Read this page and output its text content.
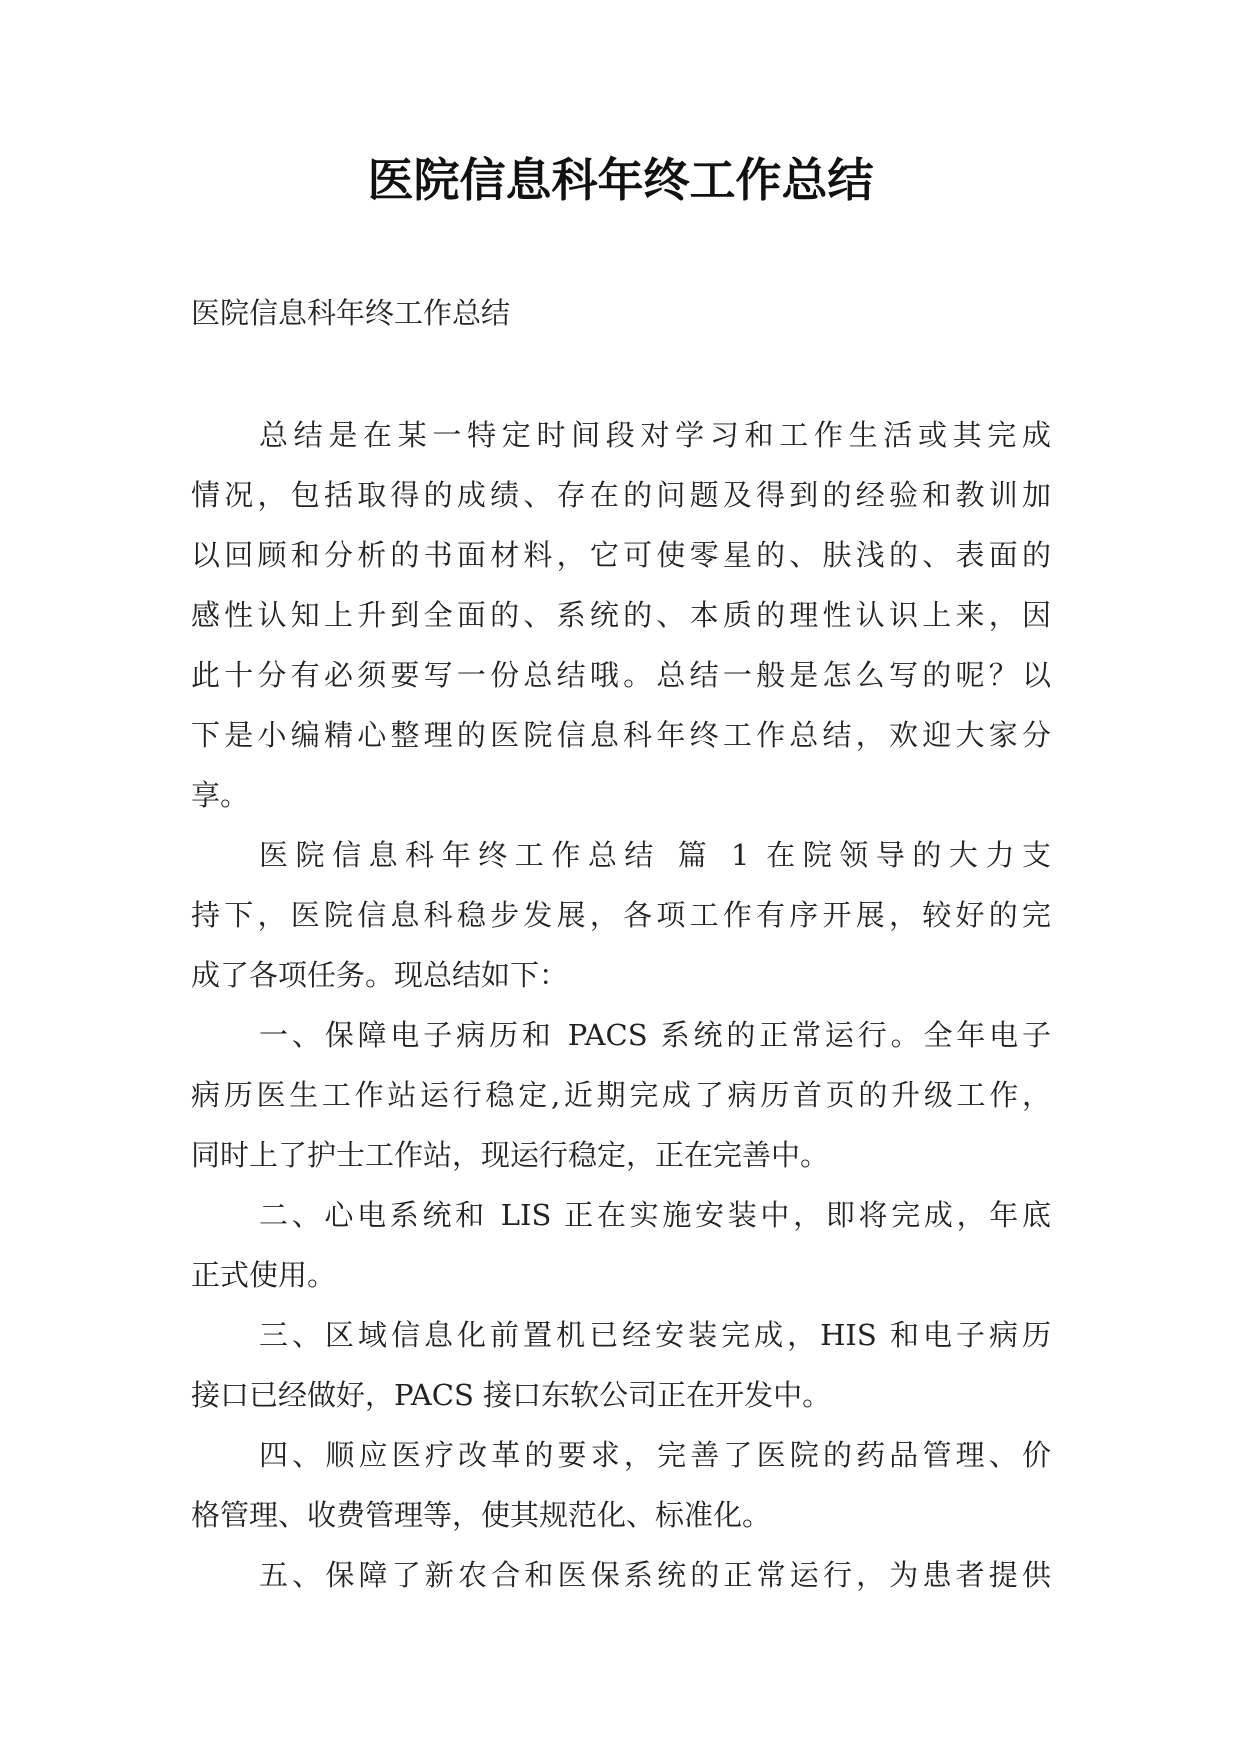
医院信息科年终工作总结

医院信息科年终工作总结

总结是在某一特定时间段对学习和工作生活或其完成
情况，包括取得的成绩、存在的问题及得到的经验和教训加
以回顾和分析的书面材料，它可使零星的、肤浅的、表面的
感性认知上升到全面的、系统的、本质的理性认识上来，因
此十分有必须要写一份总结哦。总结一般是怎么写的呢？以
下是小编精心整理的医院信息科年终工作总结，欢迎大家分
享。
医院信息科年终工作总结 篇 1 在院领导的大力支
持下，医院信息科稳步发展，各项工作有序开展，较好的完
成了各项任务。现总结如下：
一、保障电子病历和 PACS 系统的正常运行。全年电子
病历医生工作站运行稳定,近期完成了病历首页的升级工作，
同时上了护士工作站，现运行稳定，正在完善中。
二、心电系统和 LIS 正在实施安装中，即将完成，年底
正式使用。
三、区域信息化前置机已经安装完成，HIS 和电子病历
接口已经做好，PACS 接口东软公司正在开发中。
四、顺应医疗改革的要求，完善了医院的药品管理、价
格管理、收费管理等，使其规范化、标准化。
五、保障了新农合和医保系统的正常运行，为患者提供
